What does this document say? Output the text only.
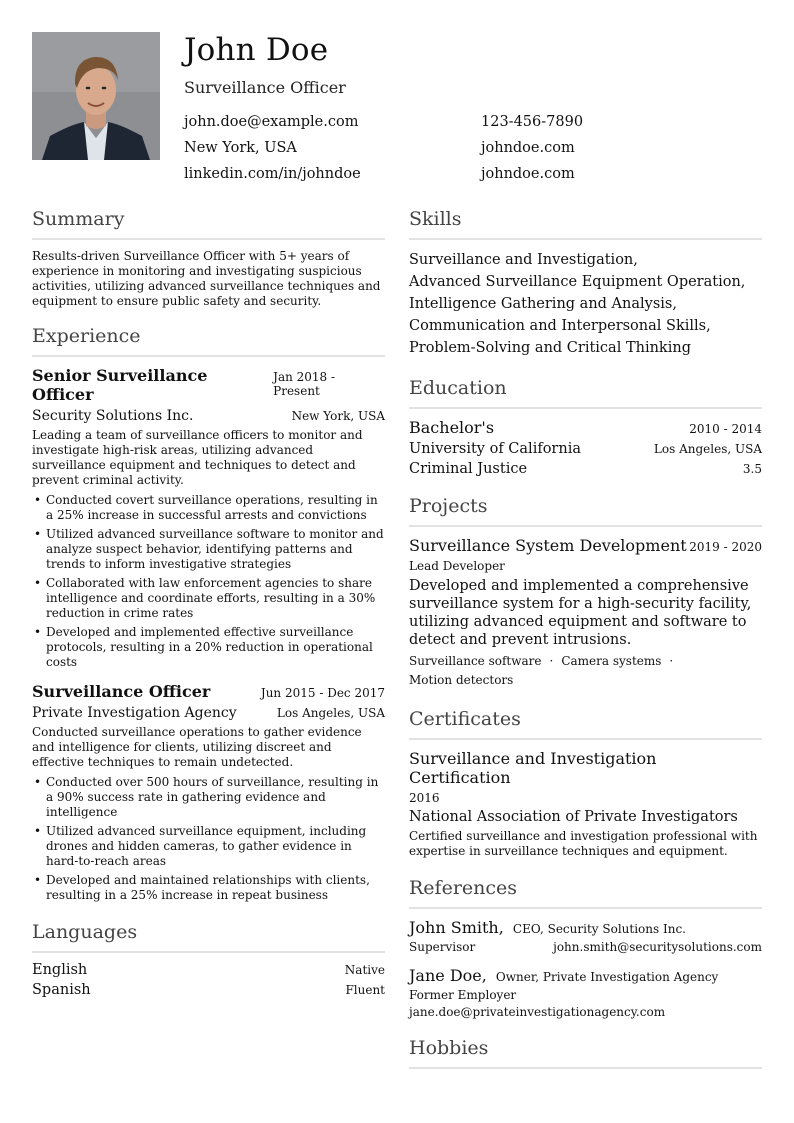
John Doe
Surveillance Officer
john.doe@example.com	123-456-7890
New York, USA	johndoe.com
linkedin.com/in/johndoe	johndoe.com
Summary
Results-driven Surveillance Officer with 5+ years of experience in monitoring and investigating suspicious activities, utilizing advanced surveillance techniques and equipment to ensure public safety and security.
Experience
Senior Surveillance Officer
Jan 2018 - Present
Security Solutions Inc.	New York, USA
Leading a team of surveillance officers to monitor and investigate high-risk areas, utilizing advanced surveillance equipment and techniques to detect and prevent criminal activity.
• Conducted covert surveillance operations, resulting in a 25% increase in successful arrests and convictions
• Utilized advanced surveillance software to monitor and analyze suspect behavior, identifying patterns and trends to inform investigative strategies
• Collaborated with law enforcement agencies to share intelligence and coordinate efforts, resulting in a 30% reduction in crime rates
• Developed and implemented effective surveillance protocols, resulting in a 20% reduction in operational costs
Surveillance Officer	Jun 2015 - Dec 2017
Private Investigation Agency	Los Angeles, USA
Conducted surveillance operations to gather evidence and intelligence for clients, utilizing discreet and effective techniques to remain undetected.
• Conducted over 500 hours of surveillance, resulting in a 90% success rate in gathering evidence and intelligence
• Utilized advanced surveillance equipment, including drones and hidden cameras, to gather evidence in hard-to-reach areas
• Developed and maintained relationships with clients, resulting in a 25% increase in repeat business
Languages
English	Native
Spanish	Fluent
Skills
Surveillance and Investigation,
Advanced Surveillance Equipment Operation,
Intelligence Gathering and Analysis,
Communication and Interpersonal Skills,
Problem-Solving and Critical Thinking
Education
Bachelor's	2010 - 2014
University of California	Los Angeles, USA
Criminal Justice	3.5
Projects
Surveillance System Development 2019 - 2020
Lead Developer
Developed and implemented a comprehensive surveillance system for a high-security facility, utilizing advanced equipment and software to detect and prevent intrusions.
Surveillance software · Camera systems ·
Motion detectors
Certificates
Surveillance and Investigation Certification
2016
National Association of Private Investigators
Certified surveillance and investigation professional with expertise in surveillance techniques and equipment.
References
John Smith, CEO, Security Solutions Inc.
Supervisor	john.smith@securitysolutions.com
Jane Doe, Owner, Private Investigation Agency
Former Employer
jane.doe@privateinvestigationagency.com
Hobbies
